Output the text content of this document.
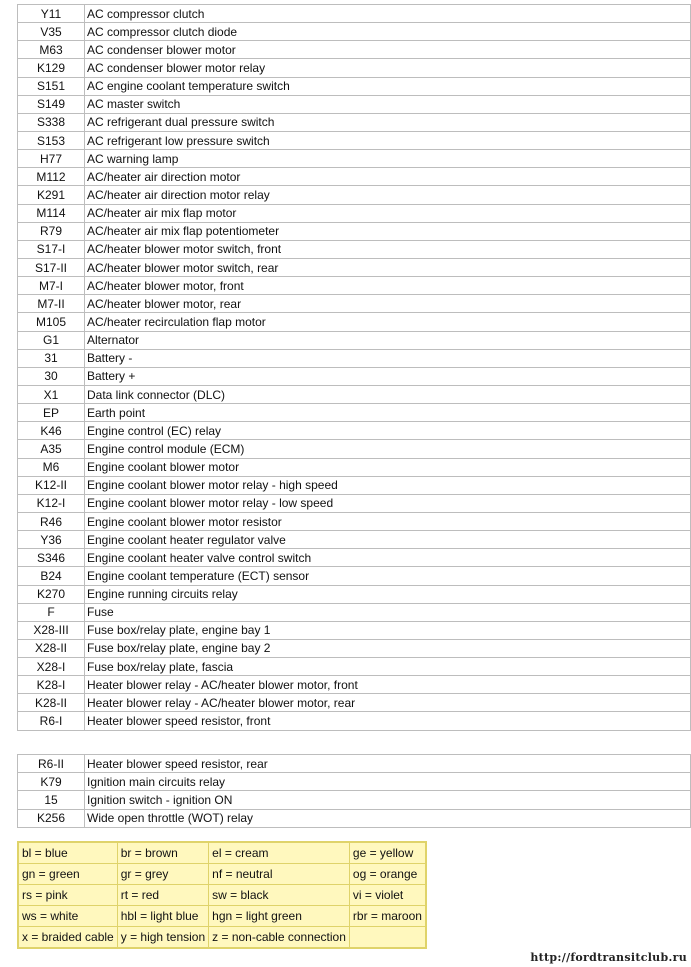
Y11	AC compressor clutch
V35	AC compressor clutch diode
M63	AC condenser blower motor
K129	AC condenser blower motor relay
S151	AC engine coolant temperature switch
S149	AC master switch
S338	AC refrigerant dual pressure switch
S153	AC refrigerant low pressure switch
H77	AC warning lamp
M112	AC/heater air direction motor
K291	AC/heater air direction motor relay
M114	AC/heater air mix flap motor
R79	AC/heater air mix flap potentiometer
S17-I	AC/heater blower motor switch, front
S17-II	AC/heater blower motor switch, rear
M7-I	AC/heater blower motor, front
M7-II	AC/heater blower motor, rear
M105	AC/heater recirculation flap motor
G1	Alternator
31	Battery -
30	Battery +
X1	Data link connector (DLC)
EP	Earth point
K46	Engine control (EC) relay
A35	Engine control module (ECM)
M6	Engine coolant blower motor
K12-II	Engine coolant blower motor relay - high speed
K12-I	Engine coolant blower motor relay - low speed
R46	Engine coolant blower motor resistor
Y36	Engine coolant heater regulator valve
S346	Engine coolant heater valve control switch
B24	Engine coolant temperature (ECT) sensor
K270	Engine running circuits relay
F	Fuse
X28-III	Fuse box/relay plate, engine bay 1
X28-II	Fuse box/relay plate, engine bay 2
X28-I	Fuse box/relay plate, fascia
K28-I	Heater blower relay - AC/heater blower motor, front
K28-II	Heater blower relay - AC/heater blower motor, rear
R6-I	Heater blower speed resistor, front
R6-II	Heater blower speed resistor, rear
K79	Ignition main circuits relay
15	Ignition switch - ignition ON
K256	Wide open throttle (WOT) relay
bl = blue	br = brown	el = cream	ge = yellow
gn = green	gr = grey	nf = neutral	og = orange
rs = pink	rt = red	sw = black	vi = violet
ws = white	hbl = light blue	hgn = light green	rbr = maroon
x = braided cable	y = high tension	z = non-cable connection	
http://fordtransitclub.ru
